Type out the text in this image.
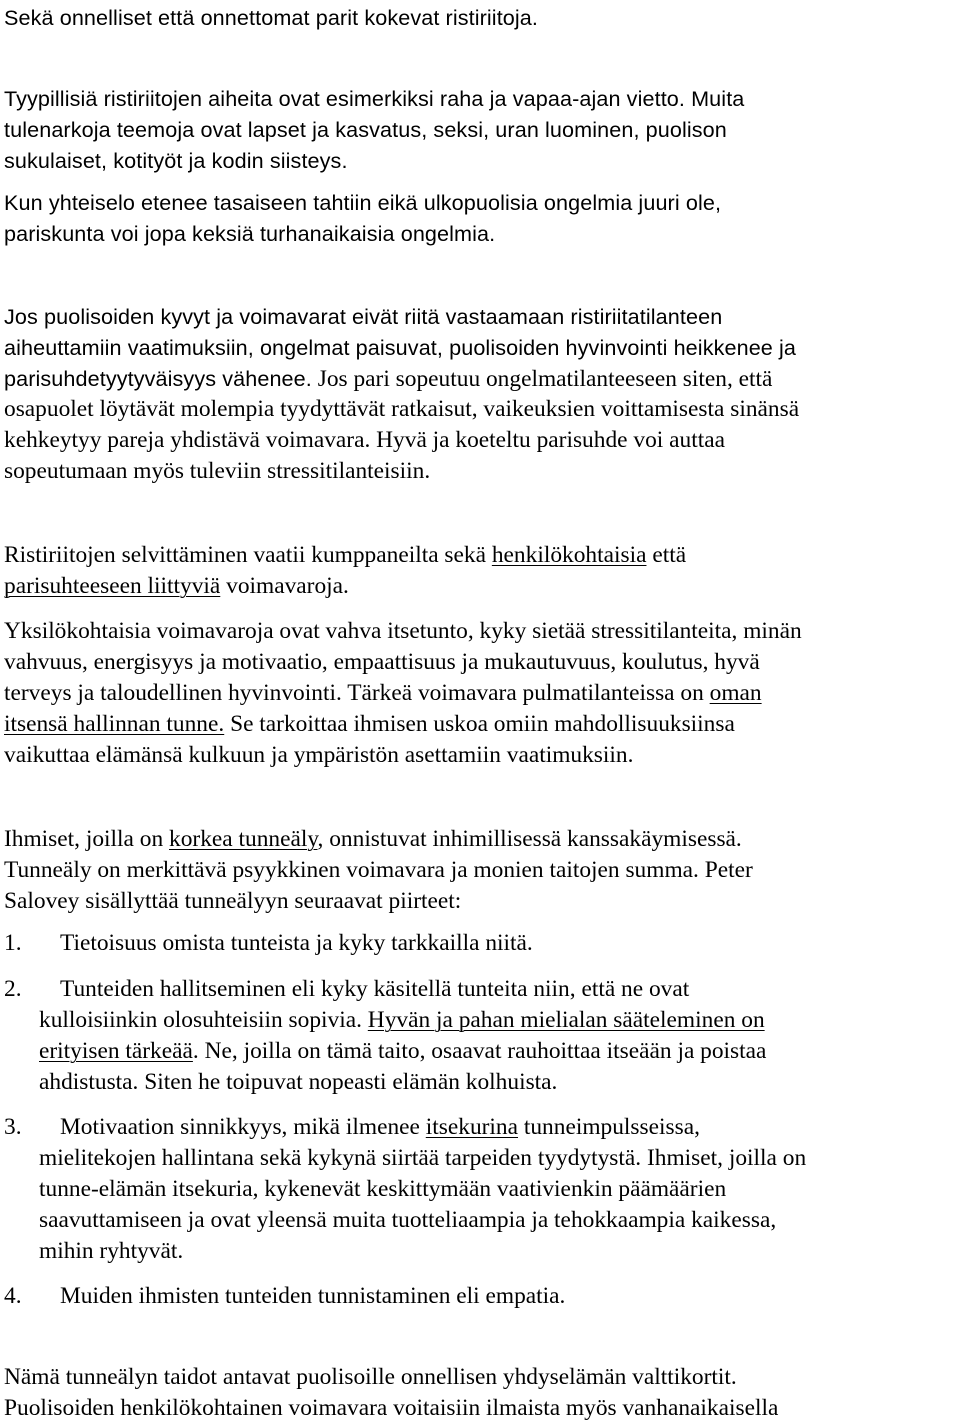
Sekä onnelliset että onnettomat parit kokevat ristiriitoja.

Tyypillisiä ristiriitojen aiheita ovat esimerkiksi raha ja vapaa-ajan vietto. Muita
tulenarkoja teemoja ovat lapset ja kasvatus, seksi, uran luominen, puolison
sukulaiset, kotityöt ja kodin siisteys.

Kun yhteiselo etenee tasaiseen tahtiin eikä ulkopuolisia ongelmia juuri ole,
pariskunta voi jopa keksiä turhanaikaisia ongelmia.

Jos puolisoiden kyvyt ja voimavarat eivät riitä vastaamaan ristiriitatilanteen
aiheuttamiin vaatimuksiin, ongelmat paisuvat, puolisoiden hyvinvointi heikkenee ja
parisuhdetyytyväisyys vähenee. Jos pari sopeutuu ongelmatilanteeseen siten, että
osapuolet löytävät molempia tyydyttävät ratkaisut, vaikeuksien voittamisesta sinänsä
kehkeytyy pareja yhdistävä voimavara. Hyvä ja koeteltu parisuhde voi auttaa
sopeutumaan myös tuleviin stressitilanteisiin.

Ristiriitojen selvittäminen vaatii kumppaneilta sekä henkilökohtaisia että
parisuhteeseen liittyviä voimavaroja.

Yksilökohtaisia voimavaroja ovat vahva itsetunto, kyky sietää stressitilanteita, minän
vahvuus, energisyys ja motivaatio, empaattisuus ja mukautuvuus, koulutus, hyvä
terveys ja taloudellinen hyvinvointi. Tärkeä voimavara pulmatilanteissa on oman
itsensä hallinnan tunne. Se tarkoittaa ihmisen uskoa omiin mahdollisuuksiinsa
vaikuttaa elämänsä kulkuun ja ympäristön asettamiin vaatimuksiin.

Ihmiset, joilla on korkea tunneäly, onnistuvat inhimillisessä kanssakäymisessä.
Tunneäly on merkittävä psyykkinen voimavara ja monien taitojen summa. Peter
Salovey sisällyttää tunneälyyn seuraavat piirteet:

1.	Tietoisuus omista tunteista ja kyky tarkkailla niitä.
2.	Tunteiden hallitseminen eli kyky käsitellä tunteita niin, että ne ovat
kulloisiinkin olosuhteisiin sopivia. Hyvän ja pahan mielialan säätelеminen on
erityisen tärkeää. Ne, joilla on tämä taito, osaavat rauhoittaa itseään ja poistaa
ahdistusta. Siten he toipuvat nopeasti elämän kolhuista.
3.	Motivaation sinnikkyys, mikä ilmenee itsekurina tunneimpulsseissa,
mielitekojen hallintana sekä kykynä siirtää tarpeiden tyydytystä. Ihmiset, joilla on
tunne-elämän itsekuria, kykenevät keskittymään vaativienkin päämäärien
saavuttamiseen ja ovat yleensä muita tuotteliaampia ja tehokkaampia kaikessa,
mihin ryhtyvät.
4.	Muiden ihmisten tunteiden tunnistaminen eli empatia.

Nämä tunneälyn taidot antavat puolisoille onnellisen yhdyselämän valttikortit.
Puolisoiden henkilökohtainen voimavara voitaisiin ilmaista myös vanhanaikaisella
